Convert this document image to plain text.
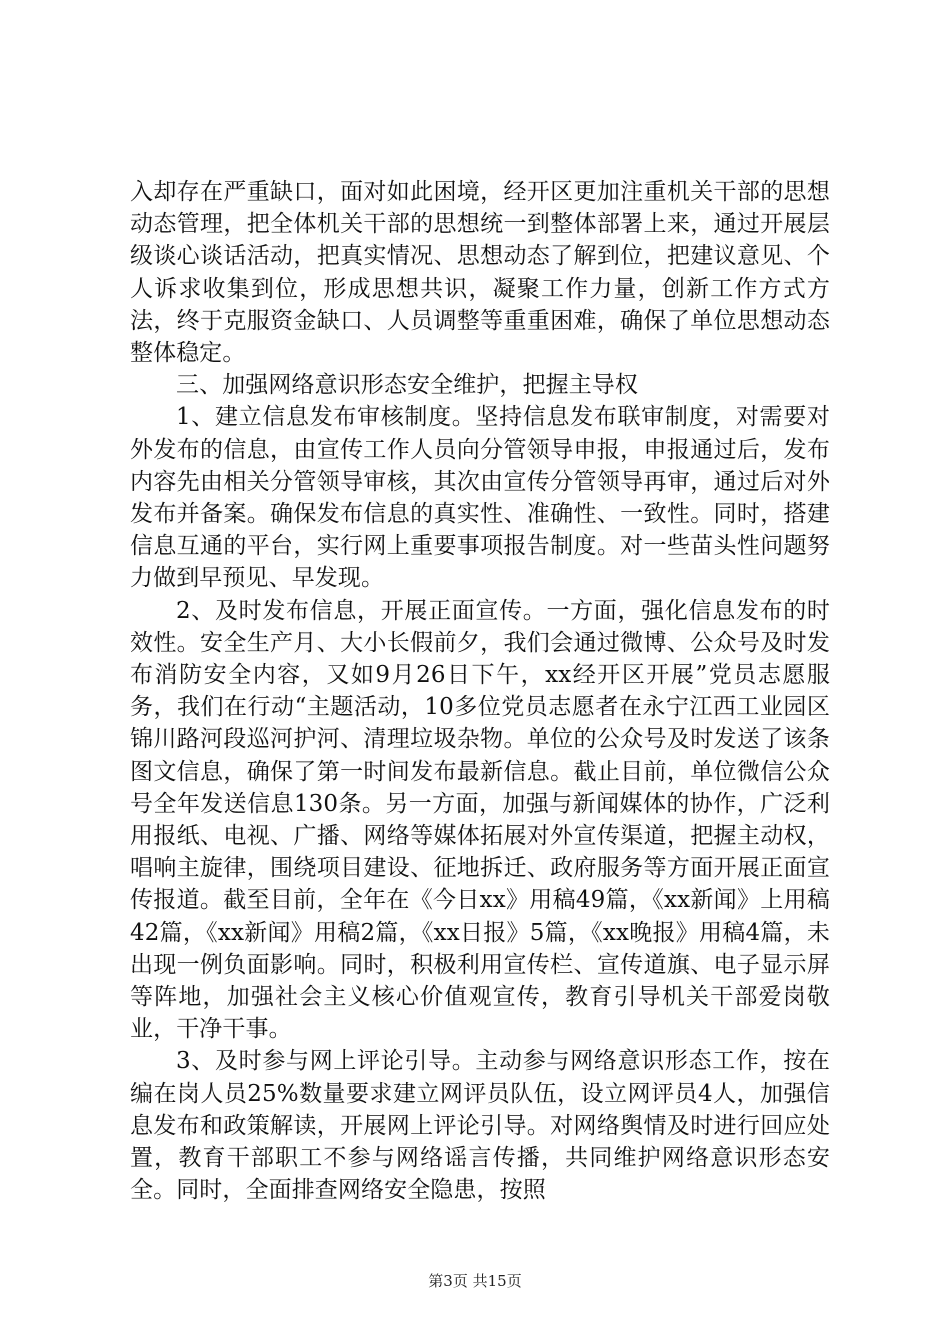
入却存在严重缺口，面对如此困境，经开区更加注重机关干部的思想动态管理，把全体机关干部的思想统一到整体部署上来，通过开展层级谈心谈话活动，把真实情况、思想动态了解到位，把建议意见、个人诉求收集到位，形成思想共识，凝聚工作力量，创新工作方式方法，终于克服资金缺口、人员调整等重重困难，确保了单位思想动态整体稳定。

三、加强网络意识形态安全维护，把握主导权

1、建立信息发布审核制度。坚持信息发布联审制度，对需要对外发布的信息，由宣传工作人员向分管领导申报，申报通过后，发布内容先由相关分管领导审核，其次由宣传分管领导再审，通过后对外发布并备案。确保发布信息的真实性、准确性、一致性。同时，搭建信息互通的平台，实行网上重要事项报告制度。对一些苗头性问题努力做到早预见、早发现。

2、及时发布信息，开展正面宣传。一方面，强化信息发布的时效性。安全生产月、大小长假前夕，我们会通过微博、公众号及时发布消防安全内容，又如9月26日下午，xx经开区开展”党员志愿服务，我们在行动“主题活动，10多位党员志愿者在永宁江西工业园区锦川路河段巡河护河、清理垃圾杂物。单位的公众号及时发送了该条图文信息，确保了第一时间发布最新信息。截止目前，单位微信公众号全年发送信息130条。另一方面，加强与新闻媒体的协作，广泛利用报纸、电视、广播、网络等媒体拓展对外宣传渠道，把握主动权，唱响主旋律，围绕项目建设、征地拆迁、政府服务等方面开展正面宣传报道。截至目前，全年在《今日xx》用稿49篇，《xx新闻》上用稿42篇，《xx新闻》用稿2篇，《xx日报》5篇，《xx晚报》用稿4篇，未出现一例负面影响。同时，积极利用宣传栏、宣传道旗、电子显示屏等阵地，加强社会主义核心价值观宣传，教育引导机关干部爱岗敬业，干净干事。

3、及时参与网上评论引导。主动参与网络意识形态工作，按在编在岗人员25%数量要求建立网评员队伍，设立网评员4人，加强信息发布和政策解读，开展网上评论引导。对网络舆情及时进行回应处置，教育干部职工不参与网络谣言传播，共同维护网络意识形态安全。同时，全面排查网络安全隐患，按照

第3页 共15页
